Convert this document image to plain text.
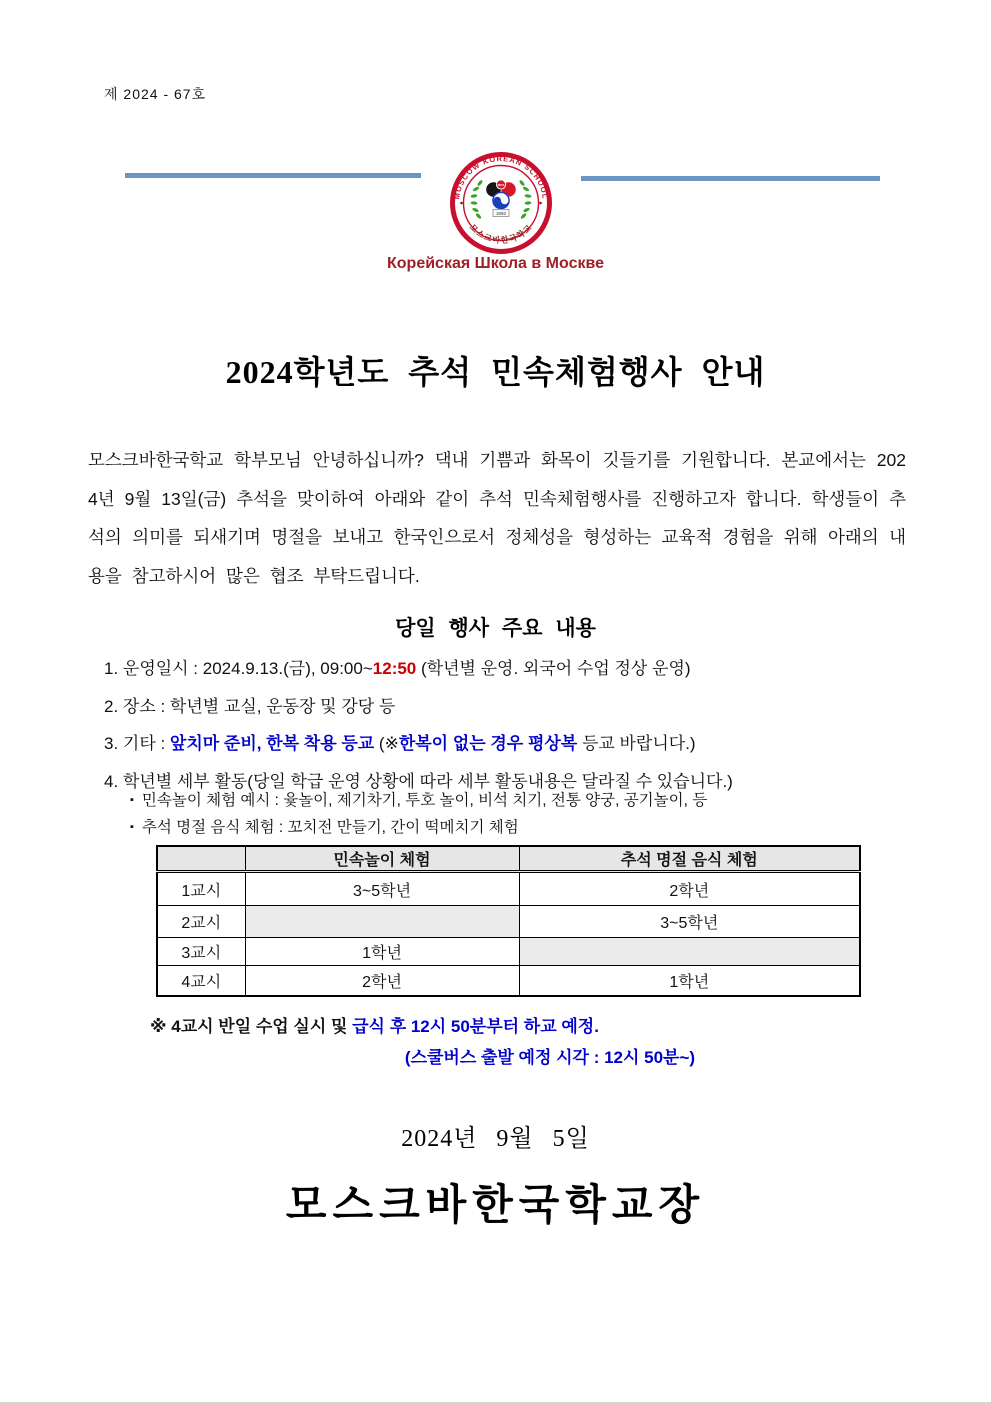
제 2024 - 67호
MOSCOW KOREAN SCHOOL
모스크바한국학교
MKS
1992
Корейская Школа в Москве
2024학년도 추석 민속체험행사 안내
모스크바한국학교 학부모님 안녕하십니까? 댁내 기쁨과 화목이 깃들기를 기원합니다. 본교에서는 2024년 9월 13일(금) 추석을 맞이하여 아래와 같이 추석 민속체험행사를 진행하고자 합니다. 학생들이 추석의 의미를 되새기며 명절을 보내고 한국인으로서 정체성을 형성하는 교육적 경험을 위해 아래의 내용을 참고하시어 많은 협조 부탁드립니다.
당일 행사 주요 내용
1. 운영일시 : 2024.9.13.(금), 09:00~12:50 (학년별 운영. 외국어 수업 정상 운영)
2. 장소 : 학년별 교실, 운동장 및 강당 등
3. 기타 : 앞치마 준비, 한복 착용 등교 (※한복이 없는 경우 평상복 등교 바랍니다.)
4. 학년별 세부 활동(당일 학급 운영 상황에 따라 세부 활동내용은 달라질 수 있습니다.)
▪ 민속놀이 체험 예시 : 윷놀이, 제기차기, 투호 놀이, 비석 치기, 전통 양궁, 공기놀이, 등
▪ 추석 명절 음식 체험 : 꼬치전 만들기, 간이 떡메치기 체험
	민속놀이 체험	추석 명절 음식 체험
1교시	3~5학년	2학년
2교시		3~5학년
3교시	1학년	
4교시	2학년	1학년
※ 4교시 반일 수업 실시 및 급식 후 12시 50분부터 하교 예정.
(스쿨버스 출발 예정 시각 : 12시 50분~)
2024년 9월 5일
모스크바한국학교장
